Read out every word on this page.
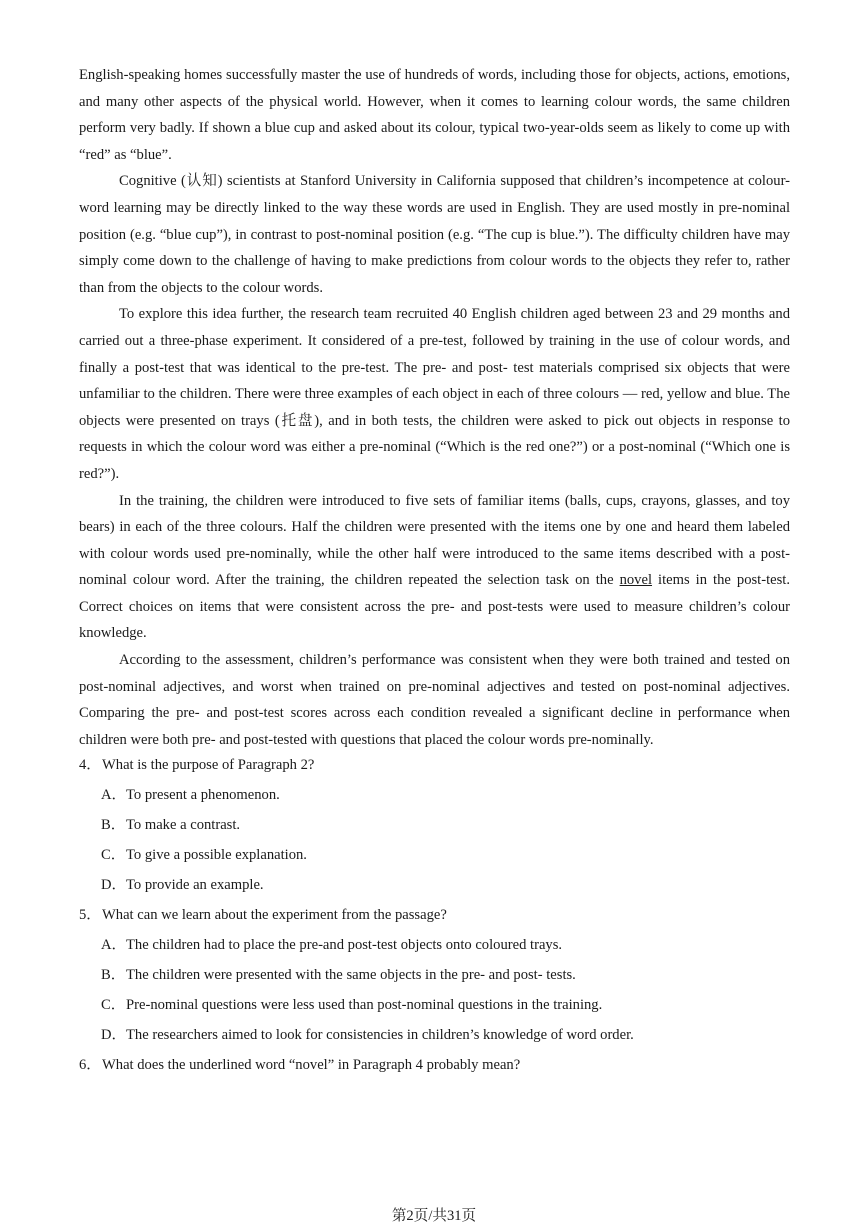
English-speaking homes successfully master the use of hundreds of words, including those for objects, actions, emotions, and many other aspects of the physical world. However, when it comes to learning colour words, the same children perform very badly. If shown a blue cup and asked about its colour, typical two-year-olds seem as likely to come up with “red” as “blue”.

Cognitive (认知) scientists at Stanford University in California supposed that children’s incompetence at colour-word learning may be directly linked to the way these words are used in English. They are used mostly in pre-nominal position (e.g. “blue cup”), in contrast to post-nominal position (e.g. “The cup is blue.”). The difficulty children have may simply come down to the challenge of having to make predictions from colour words to the objects they refer to, rather than from the objects to the colour words.

To explore this idea further, the research team recruited 40 English children aged between 23 and 29 months and carried out a three-phase experiment. It considered of a pre-test, followed by training in the use of colour words, and finally a post-test that was identical to the pre-test. The pre- and post- test materials comprised six objects that were unfamiliar to the children. There were three examples of each object in each of three colours — red, yellow and blue. The objects were presented on trays (托盘), and in both tests, the children were asked to pick out objects in response to requests in which the colour word was either a pre-nominal (“Which is the red one?”) or a post-nominal (“Which one is red?”).

In the training, the children were introduced to five sets of familiar items (balls, cups, crayons, glasses, and toy bears) in each of the three colours. Half the children were presented with the items one by one and heard them labeled with colour words used pre-nominally, while the other half were introduced to the same items described with a post-nominal colour word. After the training, the children repeated the selection task on the novel items in the post-test. Correct choices on items that were consistent across the pre- and post-tests were used to measure children’s colour knowledge.

According to the assessment, children’s performance was consistent when they were both trained and tested on post-nominal adjectives, and worst when trained on pre-nominal adjectives and tested on post-nominal adjectives. Comparing the pre- and post-test scores across each condition revealed a significant decline in performance when children were both pre- and post-tested with questions that placed the colour words pre-nominally.

4．What is the purpose of Paragraph 2?

A．To present a phenomenon.

B．To make a contrast.

C．To give a possible explanation.

D．To provide an example.

5．What can we learn about the experiment from the passage?

A．The children had to place the pre-and post-test objects onto coloured trays.

B．The children were presented with the same objects in the pre- and post- tests.

C．Pre-nominal questions were less used than post-nominal questions in the training.

D．The researchers aimed to look for consistencies in children’s knowledge of word order.

6．What does the underlined word “novel” in Paragraph 4 probably mean?

第2页/共31页
